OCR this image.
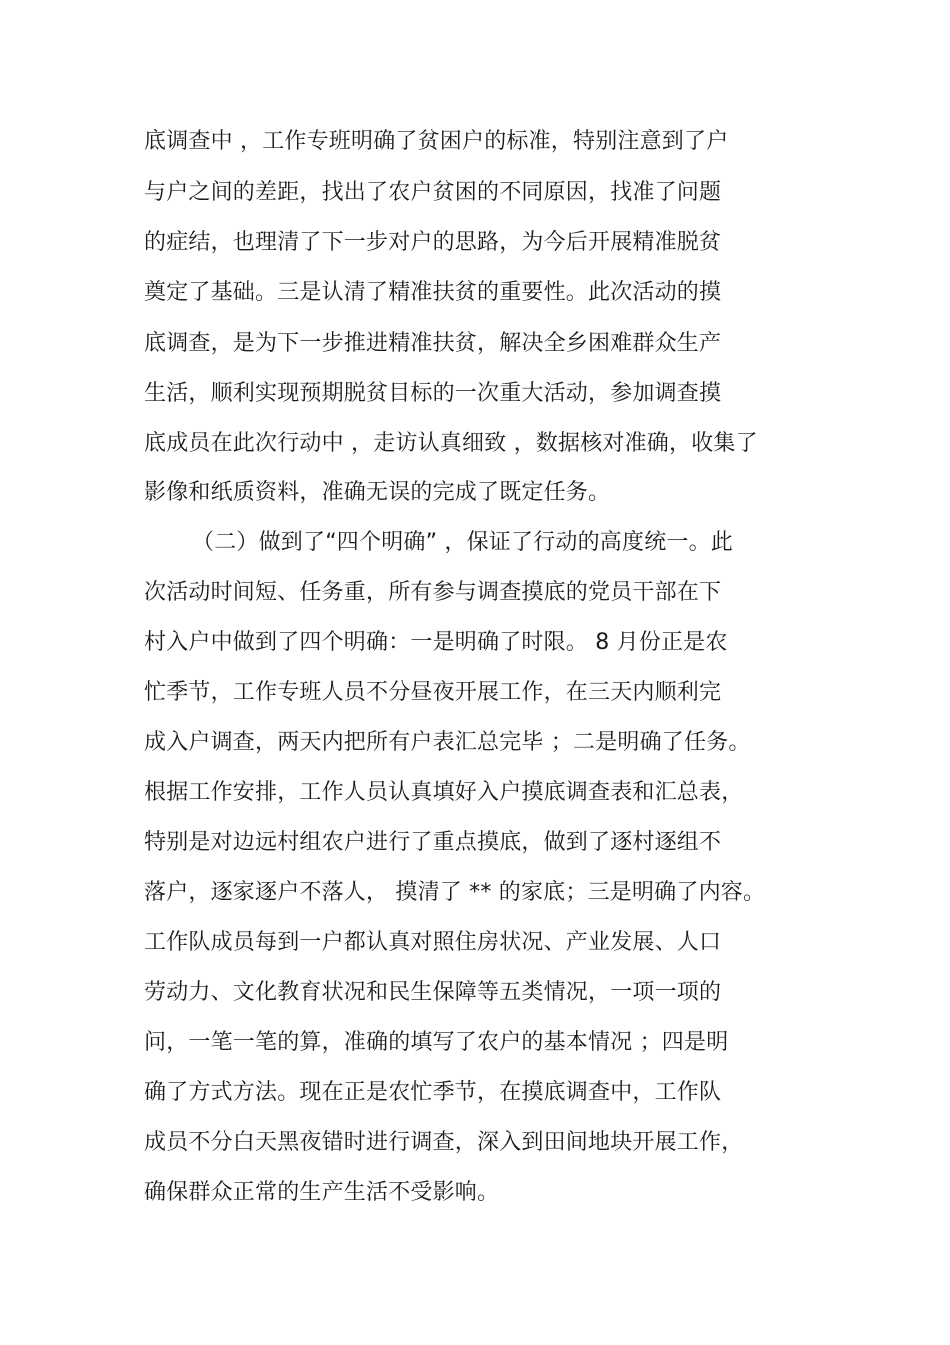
底调查中 ，工作专班明确了贫困户的标准，特别注意到了户
与户之间的差距，找出了农户贫困的不同原因，找准了问题
的症结，也理清了下一步对户的思路，为今后开展精准脱贫
奠定了基础。三是认清了精准扶贫的重要性。此次活动的摸
底调查，是为下一步推进精准扶贫，解决全乡困难群众生产
生活，顺利实现预期脱贫目标的一次重大活动，参加调查摸
底成员在此次行动中 ，走访认真细致 ，数据核对准确，收集了
影像和纸质资料，准确无误的完成了既定任务。
（二）做到了“四个明确” ，保证了行动的高度统一。此
次活动时间短、任务重，所有参与调查摸底的党员干部在下
村入户中做到了四个明确：一是明确了时限。 8 月份正是农
忙季节，工作专班人员不分昼夜开展工作，在三天内顺利完
成入户调查，两天内把所有户表汇总完毕 ；二是明确了任务。
根据工作安排，工作人员认真填好入户摸底调查表和汇总表，
特别是对边远村组农户进行了重点摸底，做到了逐村逐组不
落户，逐家逐户不落人， 摸清了 ** 的家底；三是明确了内容。
工作队成员每到一户都认真对照住房状况、产业发展、人口
劳动力、文化教育状况和民生保障等五类情况，一项一项的
问，一笔一笔的算，准确的填写了农户的基本情况 ；四是明
确了方式方法。现在正是农忙季节，在摸底调查中，工作队
成员不分白天黑夜错时进行调查，深入到田间地块开展工作，
确保群众正常的生产生活不受影响。
